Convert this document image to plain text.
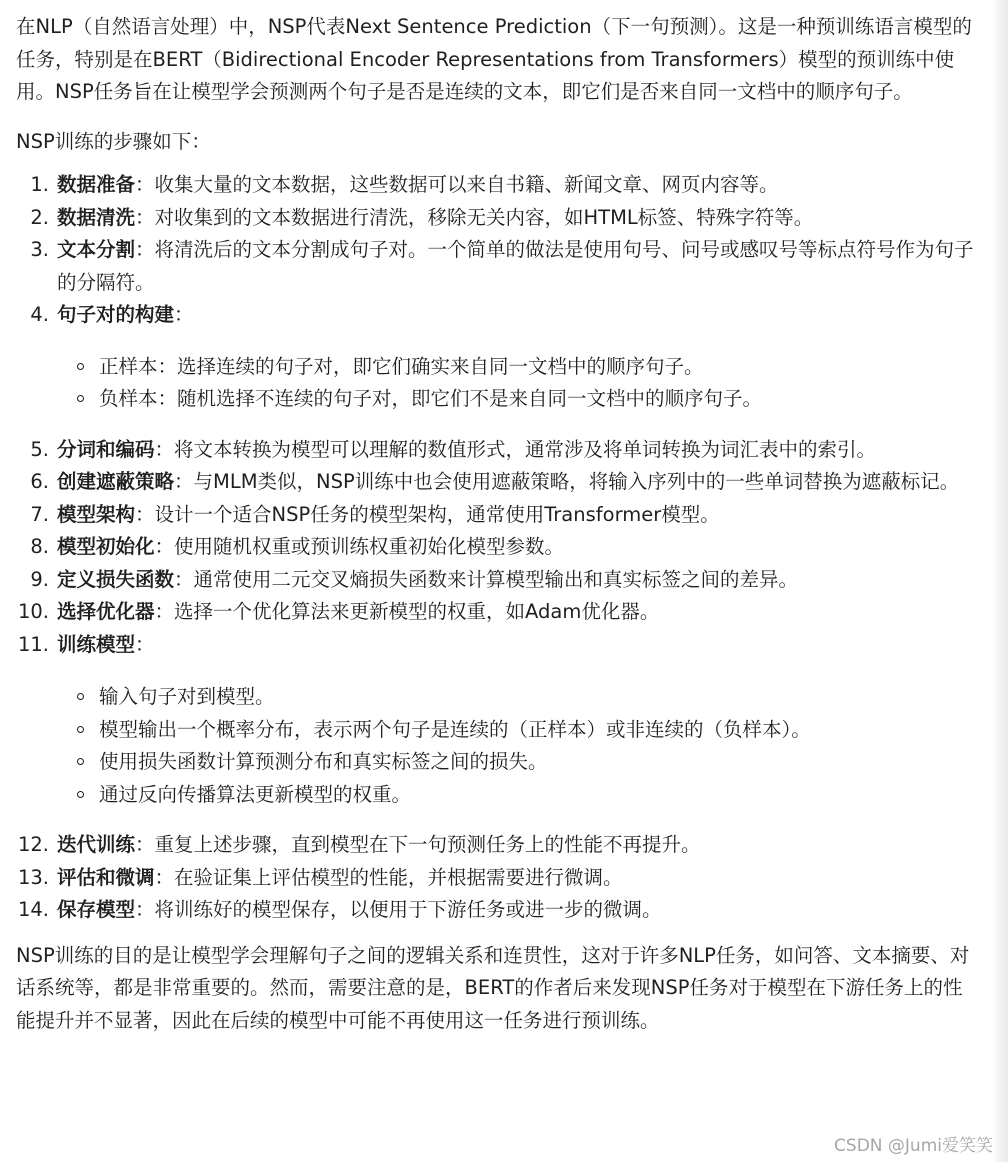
在NLP（自然语言处理）中，NSP代表Next Sentence Prediction（下一句预测）。这是一种预训练语言模型的任务，特别是在BERT（Bidirectional Encoder Representations from Transformers）模型的预训练中使用。NSP任务旨在让模型学会预测两个句子是否是连续的文本，即它们是否来自同一文档中的顺序句子。

NSP训练的步骤如下：

1. 数据准备：收集大量的文本数据，这些数据可以来自书籍、新闻文章、网页内容等。
2. 数据清洗：对收集到的文本数据进行清洗，移除无关内容，如HTML标签、特殊字符等。
3. 文本分割：将清洗后的文本分割成句子对。一个简单的做法是使用句号、问号或感叹号等标点符号作为句子的分隔符。
4. 句子对的构建：
正样本：选择连续的句子对，即它们确实来自同一文档中的顺序句子。
负样本：随机选择不连续的句子对，即它们不是来自同一文档中的顺序句子。
5. 分词和编码：将文本转换为模型可以理解的数值形式，通常涉及将单词转换为词汇表中的索引。
6. 创建遮蔽策略：与MLM类似，NSP训练中也会使用遮蔽策略，将输入序列中的一些单词替换为遮蔽标记。
7. 模型架构：设计一个适合NSP任务的模型架构，通常使用Transformer模型。
8. 模型初始化：使用随机权重或预训练权重初始化模型参数。
9. 定义损失函数：通常使用二元交叉熵损失函数来计算模型输出和真实标签之间的差异。
10. 选择优化器：选择一个优化算法来更新模型的权重，如Adam优化器。
11. 训练模型：
输入句子对到模型。
模型输出一个概率分布，表示两个句子是连续的（正样本）或非连续的（负样本）。
使用损失函数计算预测分布和真实标签之间的损失。
通过反向传播算法更新模型的权重。
12. 迭代训练：重复上述步骤，直到模型在下一句预测任务上的性能不再提升。
13. 评估和微调：在验证集上评估模型的性能，并根据需要进行微调。
14. 保存模型：将训练好的模型保存，以便用于下游任务或进一步的微调。

NSP训练的目的是让模型学会理解句子之间的逻辑关系和连贯性，这对于许多NLP任务，如问答、文本摘要、对话系统等，都是非常重要的。然而，需要注意的是，BERT的作者后来发现NSP任务对于模型在下游任务上的性能提升并不显著，因此在后续的模型中可能不再使用这一任务进行预训练。

CSDN @Jumi爱笑笑
